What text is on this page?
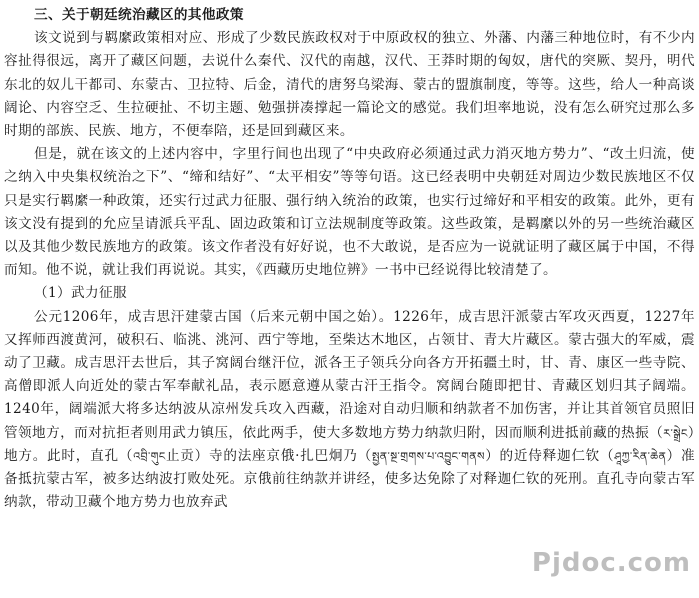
三、关于朝廷统治藏区的其他政策

该文说到与羁縻政策相对应、形成了少数民族政权对于中原政权的独立、外藩、内藩三种地位时，有不少内容扯得很远，离开了藏区问题，去说什么秦代、汉代的南越，汉代、王莽时期的匈奴，唐代的突厥、契丹，明代东北的奴儿干都司、东蒙古、卫拉特、后金，清代的唐努乌梁海、蒙古的盟旗制度，等等。这些，给人一种高谈阔论、内容空乏、生拉硬扯、不切主题、勉强拼凑撑起一篇论文的感觉。我们坦率地说，没有怎么研究过那么多时期的部族、民族、地方，不便奉陪，还是回到藏区来。

但是，就在该文的上述内容中，字里行间也出现了“中央政府必须通过武力消灭地方势力”、“改土归流，使之纳入中央集权统治之下”、“缔和结好”、“太平相安”等等句语。这已经表明中央朝廷对周边少数民族地区不仅只是实行羁縻一种政策，还实行过武力征服、强行纳入统治的政策，也实行过缔好和平相安的政策。此外，更有该文没有提到的允应呈请派兵平乱、固边政策和订立法规制度等政策。这些政策，是羁縻以外的另一些统治藏区以及其他少数民族地方的政策。该文作者没有好好说，也不大敢说，是否应为一说就证明了藏区属于中国，不得而知。他不说，就让我们再说说。其实，《西藏历史地位辨》一书中已经说得比较清楚了。

（1）武力征服

公元1206年，成吉思汗建蒙古国（后来元朝中国之始）。1226年，成吉思汗派蒙古军攻灭西夏，1227年又挥师西渡黄河，破积石、临洮、洮河、西宁等地，至柴达木地区，占领甘、青大片藏区。蒙古强大的军威，震动了卫藏。成吉思汗去世后，其子窝阔台继汗位，派各王子领兵分向各方开拓疆土时，甘、青、康区一些寺院、高僧即派人向近处的蒙古军奉献礼品，表示愿意遵从蒙古汗王指令。窝阔台随即把甘、青藏区划归其子阔端。1240年，阔端派大将多达纳波从凉州发兵攻入西藏，沿途对自动归顺和纳款者不加伤害，并让其首领官员照旧管领地方，而对抗拒者则用武力镇压，依此两手，使大多数地方势力纳款归附，因而顺利进抵前藏的热振（ར་སྒྲེང）地方。此时，直孔（འབྲི་གུང止贡）寺的法座京俄·扎巴炯乃（སྤྱན་སྔ་གྲགས་པ་འབྱུང་གནས）的近侍释迦仁钦（ཤཱཀྱ་རིན་ཆེན）准备抵抗蒙古军，被多达纳波打败处死。京俄前往纳款并讲经，使多达免除了对释迦仁钦的死刑。直孔寺向蒙古军纳款，带动卫藏个地方势力也放弃武

Pjdoc.com
